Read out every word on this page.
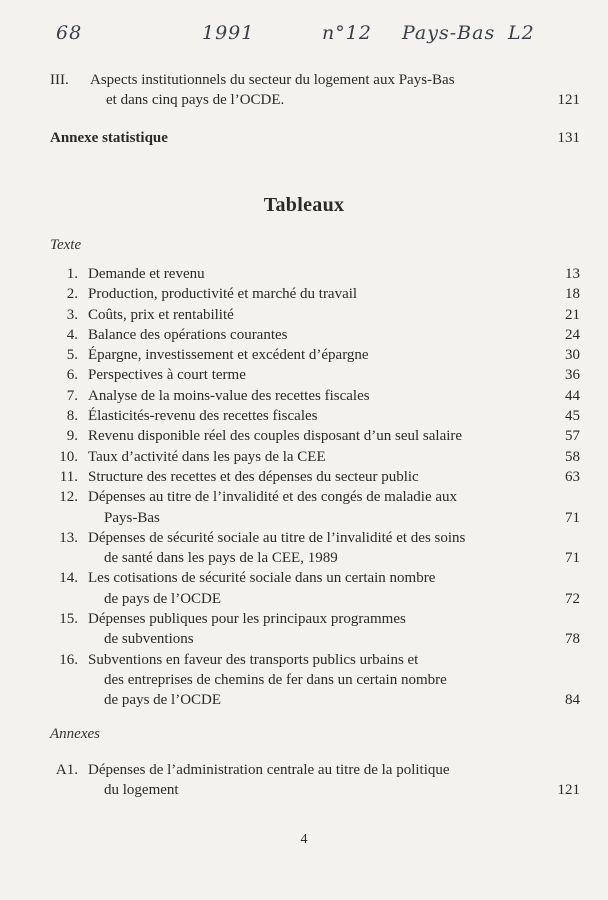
68	1991	n°12 Pays-Bas L2
III. Aspects institutionnels du secteur du logement aux Pays-Bas
et dans cinq pays de l’OCDE.	121
Annexe statistique	131
Tableaux
Texte
1. Demande et revenu	13
2. Production, productivité et marché du travail	18
3. Coûts, prix et rentabilité	21
4. Balance des opérations courantes	24
5. Épargne, investissement et excédent d’épargne	30
6. Perspectives à court terme	36
7. Analyse de la moins-value des recettes fiscales	44
8. Élasticités-revenu des recettes fiscales	45
9. Revenu disponible réel des couples disposant d’un seul salaire	57
10. Taux d’activité dans les pays de la CEE	58
11. Structure des recettes et des dépenses du secteur public	63
12. Dépenses au titre de l’invalidité et des congés de maladie aux
Pays-Bas	71
13. Dépenses de sécurité sociale au titre de l’invalidité et des soins
de santé dans les pays de la CEE, 1989	71
14. Les cotisations de sécurité sociale dans un certain nombre
de pays de l’OCDE	72
15. Dépenses publiques pour les principaux programmes
de subventions	78
16. Subventions en faveur des transports publics urbains et
des entreprises de chemins de fer dans un certain nombre
de pays de l’OCDE	84
Annexes
A1. Dépenses de l’administration centrale au titre de la politique
du logement	121
4
